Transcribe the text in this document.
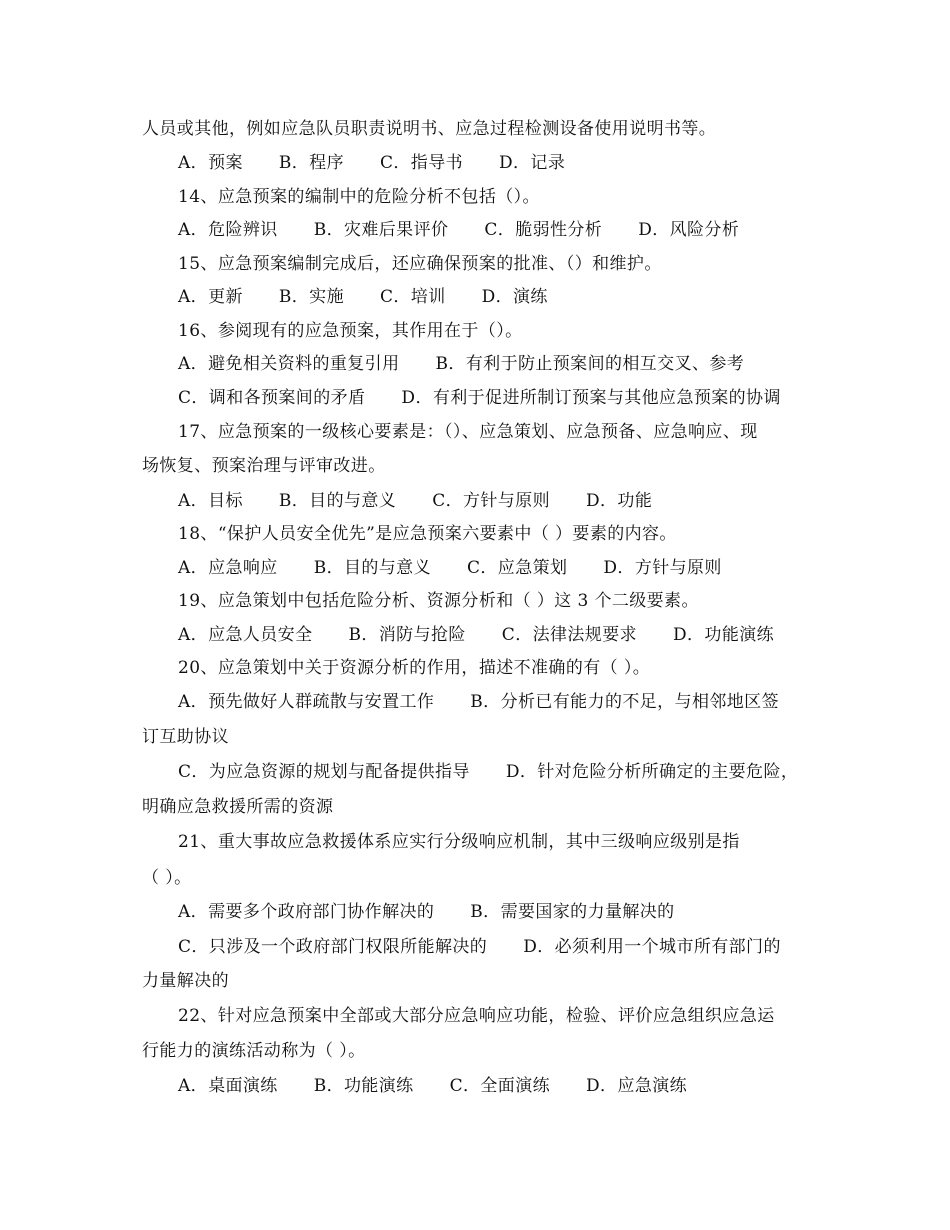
人员或其他，例如应急队员职责说明书、应急过程检测设备使用说明书等。
A．预案 B．程序 C．指导书 D．记录
14、应急预案的编制中的危险分析不包括（）。
A．危险辨识 B．灾难后果评价 C．脆弱性分析 D．风险分析
15、应急预案编制完成后，还应确保预案的批准、（）和维护。
A．更新 B．实施 C．培训 D．演练
16、参阅现有的应急预案，其作用在于（）。
A．避免相关资料的重复引用 B．有利于防止预案间的相互交叉、参考
C．调和各预案间的矛盾 D．有利于促进所制订预案与其他应急预案的协调
17、应急预案的一级核心要素是：（）、应急策划、应急预备、应急响应、现
场恢复、预案治理与评审改进。
A．目标 B．目的与意义 C．方针与原则 D．功能
18、“保护人员安全优先”是应急预案六要素中（ ）要素的内容。
A．应急响应 B．目的与意义 C．应急策划 D．方针与原则
19、应急策划中包括危险分析、资源分析和（ ）这 3 个二级要素。
A．应急人员安全 B．消防与抢险 C．法律法规要求 D．功能演练
20、应急策划中关于资源分析的作用，描述不准确的有（ ）。
A．预先做好人群疏散与安置工作 B．分析已有能力的不足，与相邻地区签
订互助协议
C．为应急资源的规划与配备提供指导 D．针对危险分析所确定的主要危险，
明确应急救援所需的资源
21、重大事故应急救援体系应实行分级响应机制，其中三级响应级别是指
（ ）。
A．需要多个政府部门协作解决的 B．需要国家的力量解决的
C．只涉及一个政府部门权限所能解决的 D．必须利用一个城市所有部门的
力量解决的
22、针对应急预案中全部或大部分应急响应功能，检验、评价应急组织应急运
行能力的演练活动称为（ ）。
A．桌面演练 B．功能演练 C．全面演练 D．应急演练
